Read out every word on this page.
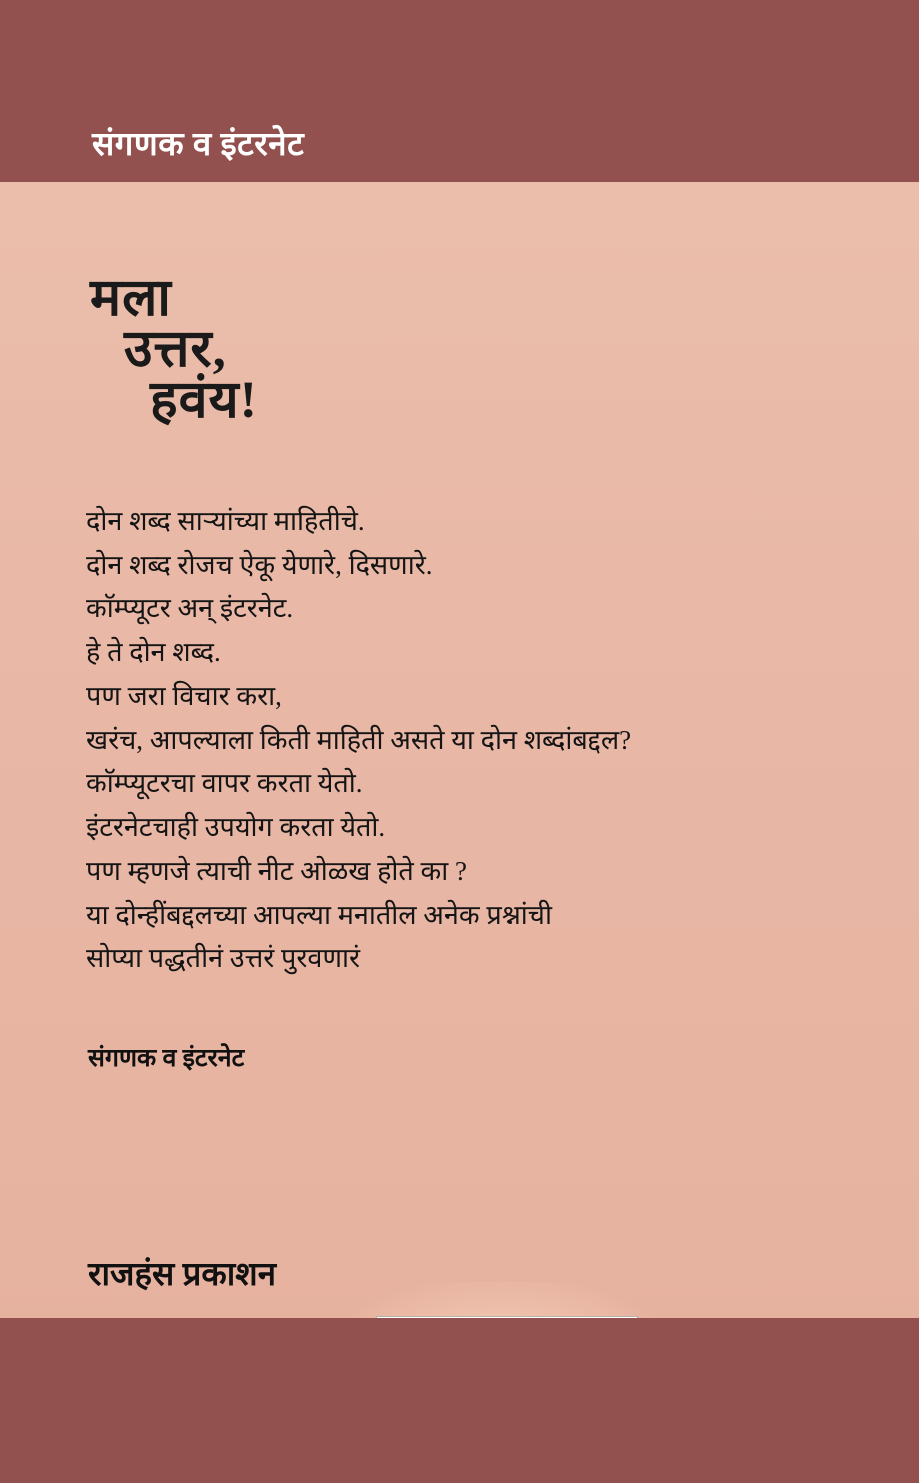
संगणक व इंटरनेट
मला
उत्तर,
हवंय!
दोन शब्द साऱ्यांच्या माहितीचे.
दोन शब्द रोजच ऐकू येणारे, दिसणारे.
काॅम्प्यूटर अन् इंटरनेट.
हे ते दोन शब्द.
पण जरा विचार करा,
खरंच, आपल्याला किती माहिती असते या दोन शब्दांबद्दल?
काॅम्प्यूटरचा वापर करता येतो.
इंटरनेटचाही उपयोग करता येतो.
पण म्हणजे त्याची नीट ओळख होते का ?
या दोन्हींबद्दलच्या आपल्या मनातील अनेक प्रश्नांची
सोप्या पद्धतीनं उत्तरं पुरवणारं
संगणक व इंटरनेट
राजहंस प्रकाशन
